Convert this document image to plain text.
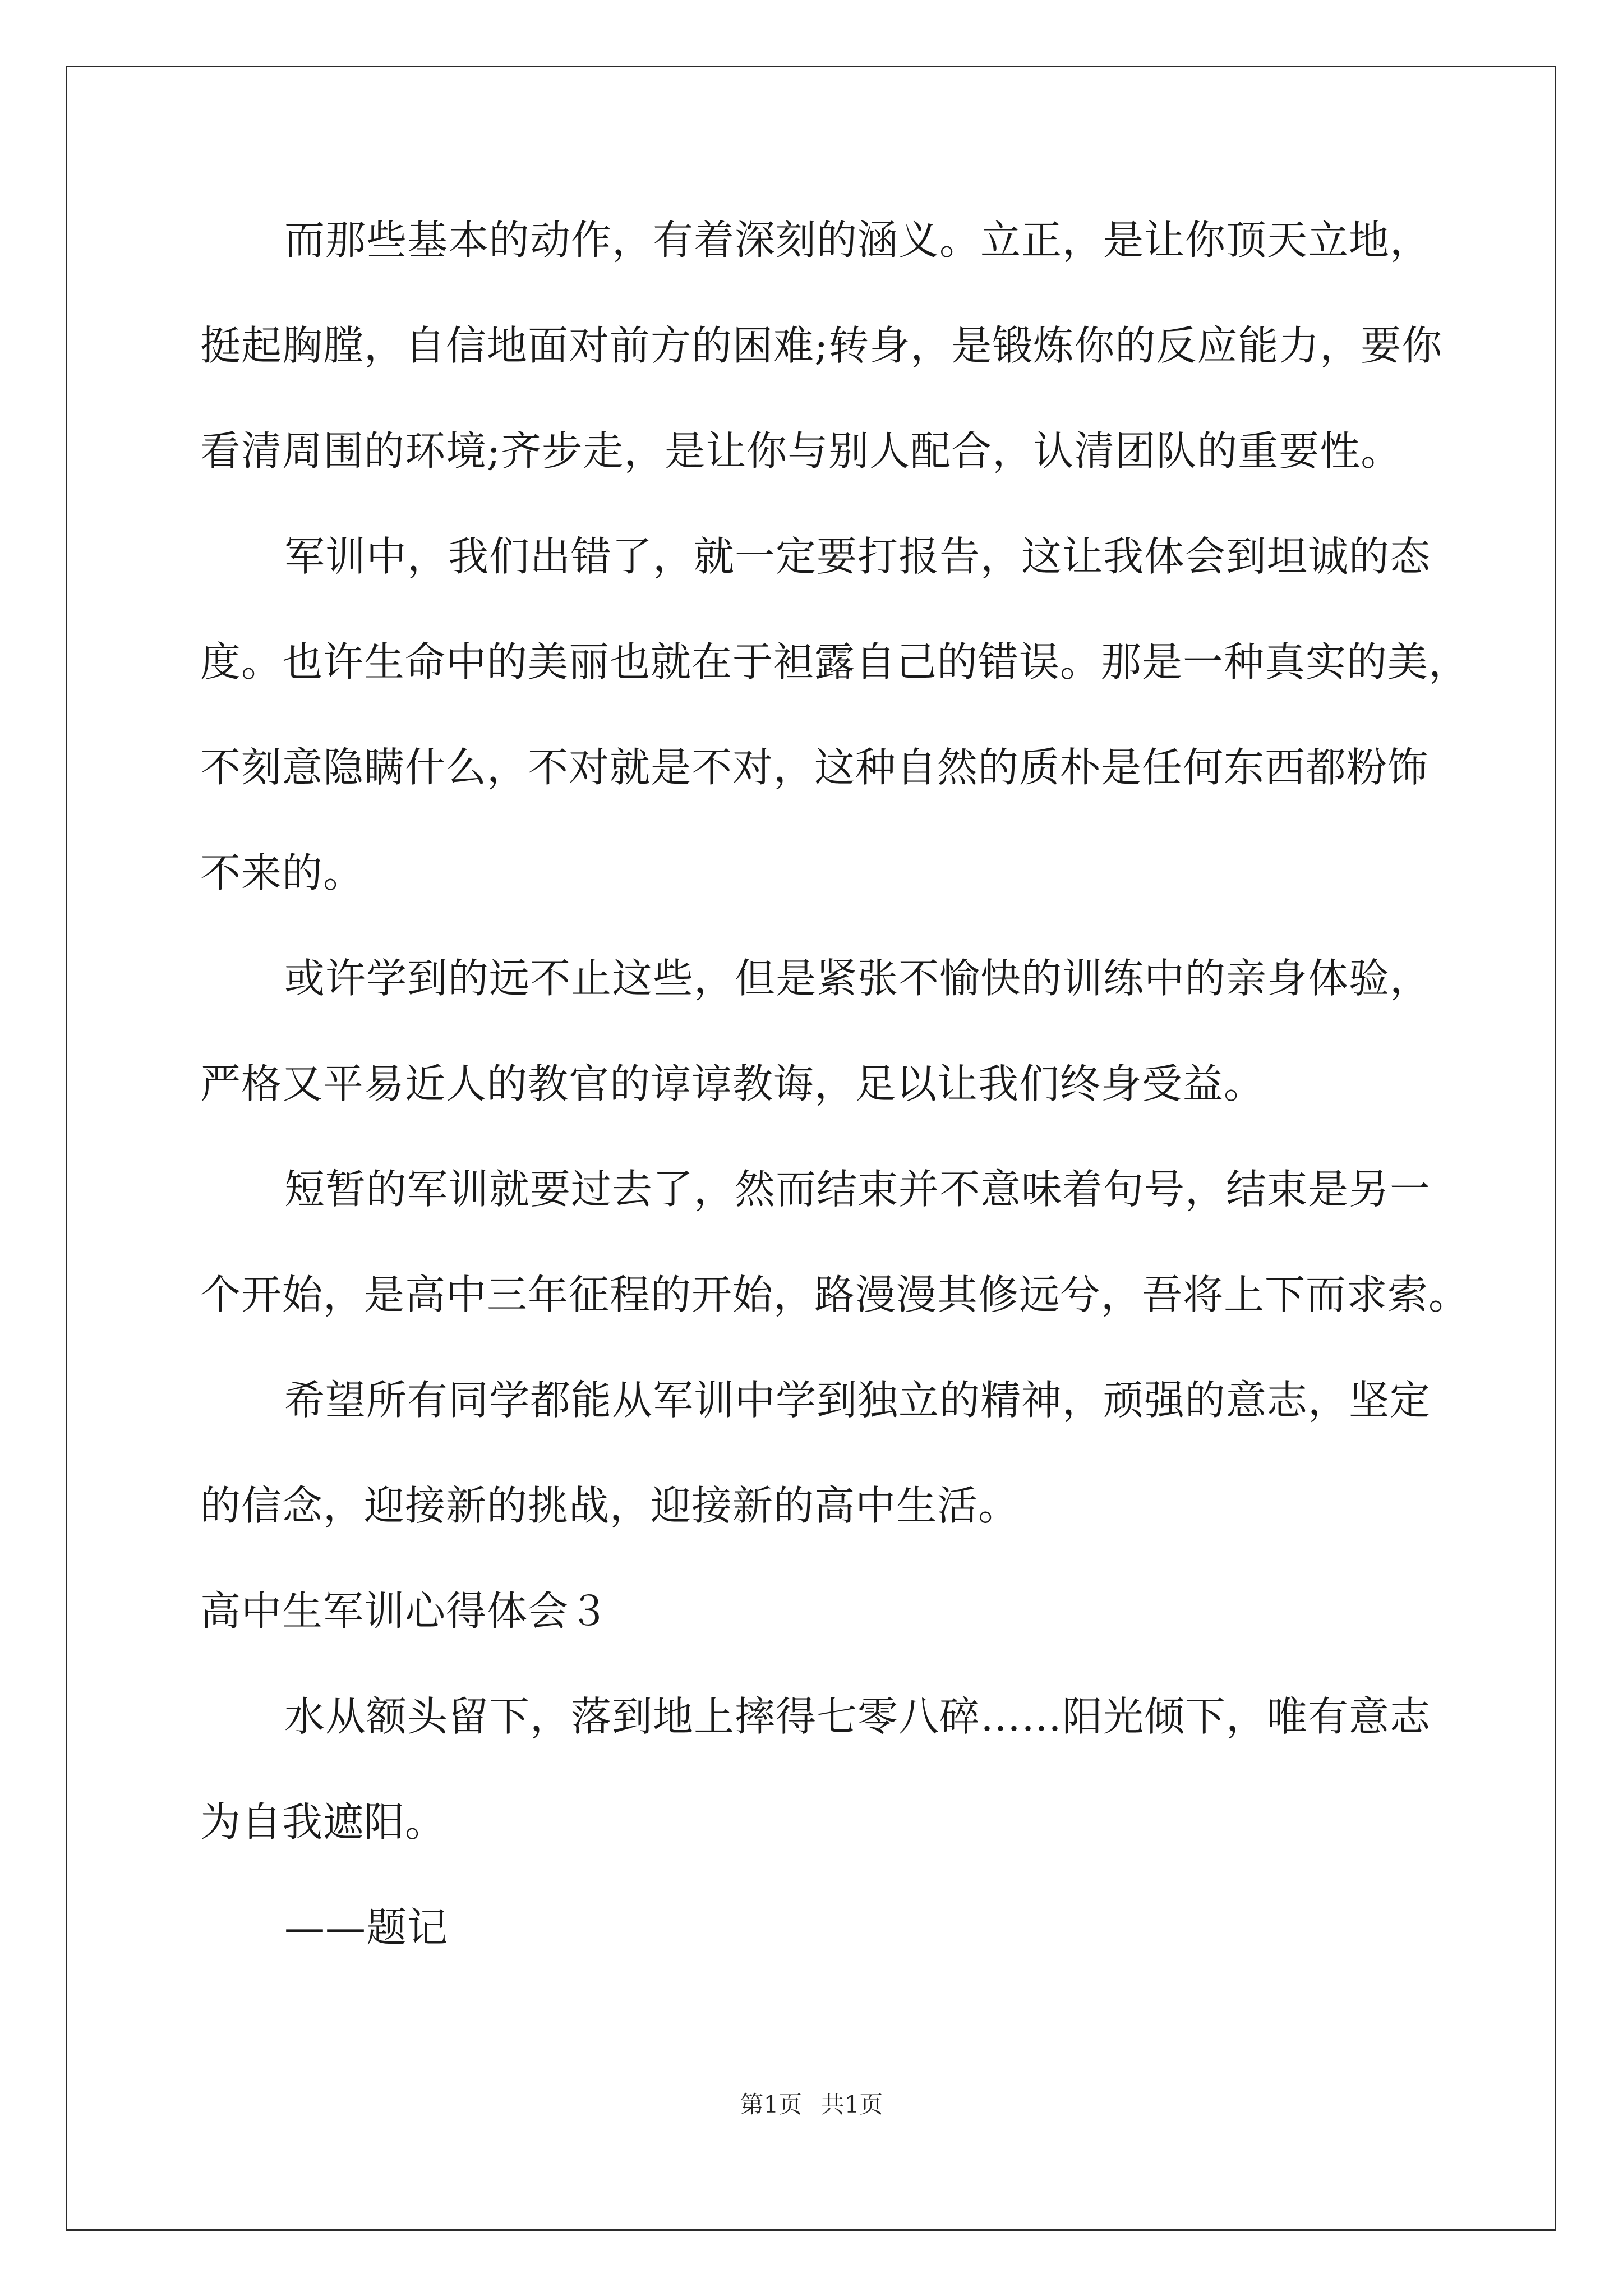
而那些基本的动作，有着深刻的涵义。立正，是让你顶天立地，
挺起胸膛，自信地面对前方的困难;转身，是锻炼你的反应能力，要你
看清周围的环境;齐步走，是让你与别人配合，认清团队的重要性。
军训中，我们出错了，就一定要打报告，这让我体会到坦诚的态
度。也许生命中的美丽也就在于袒露自己的错误。那是一种真实的美，
不刻意隐瞒什么，不对就是不对，这种自然的质朴是任何东西都粉饰
不来的。
或许学到的远不止这些，但是紧张不愉快的训练中的亲身体验，
严格又平易近人的教官的谆谆教诲，足以让我们终身受益。
短暂的军训就要过去了，然而结束并不意味着句号，结束是另一
个开始，是高中三年征程的开始，路漫漫其修远兮，吾将上下而求索。
希望所有同学都能从军训中学到独立的精神，顽强的意志，坚定
的信念，迎接新的挑战，迎接新的高中生活。
高中生军训心得体会３
水从额头留下，落到地上摔得七零八碎……阳光倾下，唯有意志
为自我遮阳。
——题记
第1页 共1页
